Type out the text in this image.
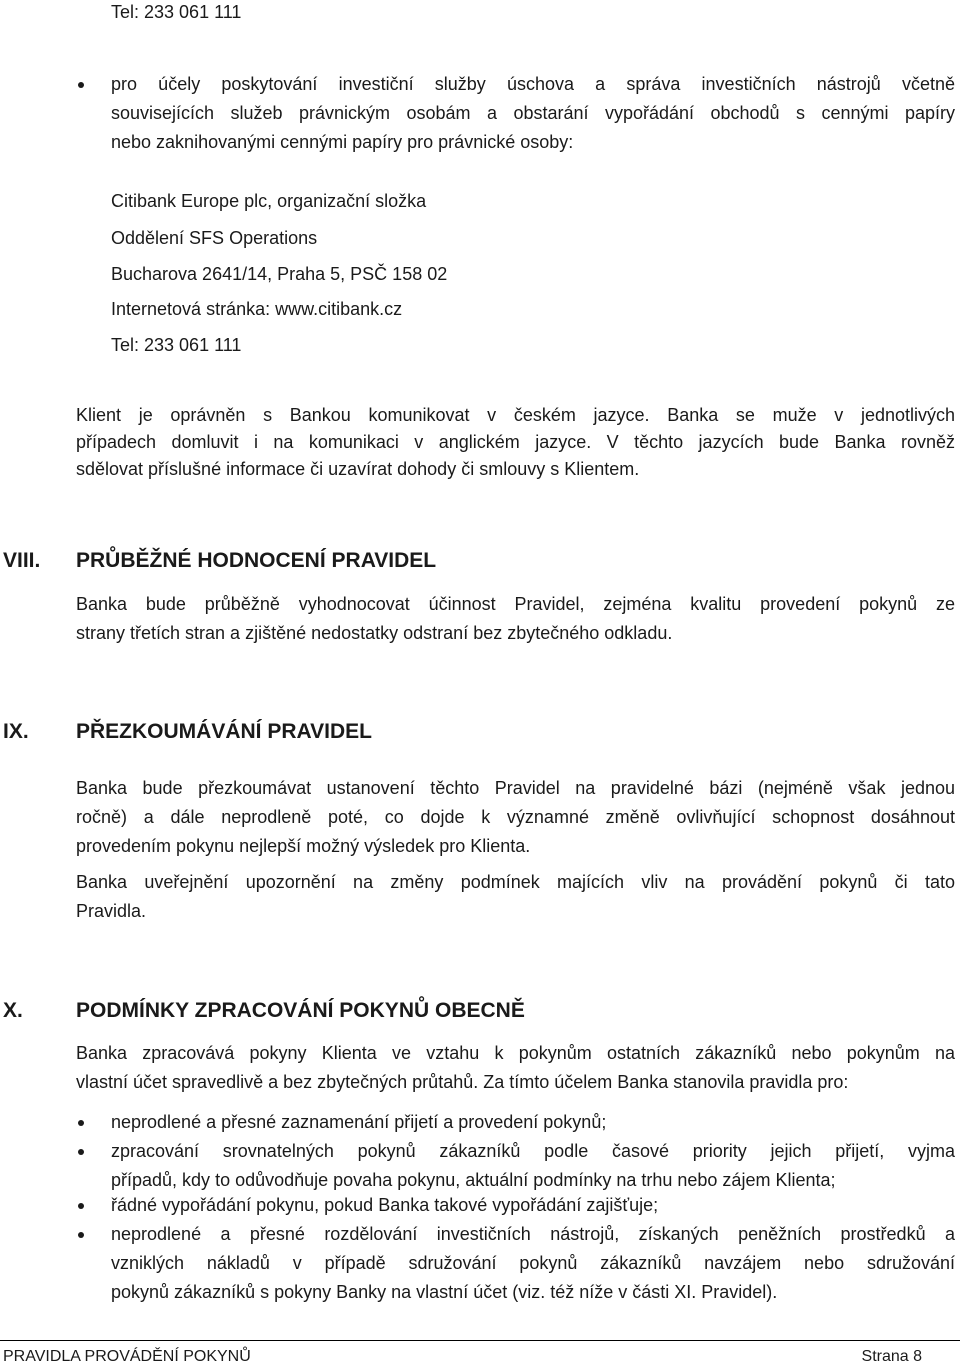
Tel: 233 061 111
pro účely poskytování investiční služby úschova a správa investičních nástrojů včetně
souvisejících služeb právnickým osobám a obstarání vypořádání obchodů s cennými papíry
nebo zaknihovanými cennými papíry pro právnické osoby:
Citibank Europe plc, organizační složka
Oddělení SFS Operations
Bucharova 2641/14, Praha 5, PSČ 158 02
Internetová stránka: www.citibank.cz
Tel: 233 061 111
Klient je oprávněn s Bankou komunikovat v českém jazyce. Banka se muže v jednotlivých
případech domluvit i na komunikaci v anglickém jazyce. V těchto jazycích bude Banka rovněž
sdělovat příslušné informace či uzavírat dohody či smlouvy s Klientem.
VIII. PRŮBĚŽNÉ HODNOCENÍ PRAVIDEL
Banka bude průběžně vyhodnocovat účinnost Pravidel, zejména kvalitu provedení pokynů ze
strany třetích stran a zjištěné nedostatky odstraní bez zbytečného odkladu.
IX. PŘEZKOUMÁVÁNÍ PRAVIDEL
Banka bude přezkoumávat ustanovení těchto Pravidel na pravidelné bázi (nejméně však jednou
ročně) a dále neprodleně poté, co dojde k významné změně ovlivňující schopnost dosáhnout
provedením pokynu nejlepší možný výsledek pro Klienta.
Banka uveřejnění upozornění na změny podmínek majících vliv na provádění pokynů či tato
Pravidla.
X.	PODMÍNKY ZPRACOVÁNÍ POKYNŮ OBECNĚ
Banka zpracovává pokyny Klienta ve vztahu k pokynům ostatních zákazníků nebo pokynům na
vlastní účet spravedlivě a bez zbytečných průtahů. Za tímto účelem Banka stanovila pravidla pro:
neprodlené a přesné zaznamenání přijetí a provedení pokynů;
zpracování srovnatelných pokynů zákazníků podle časové priority jejich přijetí, vyjma
případů, kdy to odůvodňuje povaha pokynu, aktuální podmínky na trhu nebo zájem Klienta;
řádné vypořádání pokynu, pokud Banka takové vypořádání zajišťuje;
neprodlené a přesné rozdělování investičních nástrojů, získaných peněžních prostředků a
vzniklých nákladů v případě sdružování pokynů zákazníků navzájem nebo sdružování
pokynů zákazníků s pokyny Banky na vlastní účet (viz. též níže v části XI. Pravidel).
PRAVIDLA PROVÁDĚNÍ POKYNŮ	Strana 8
